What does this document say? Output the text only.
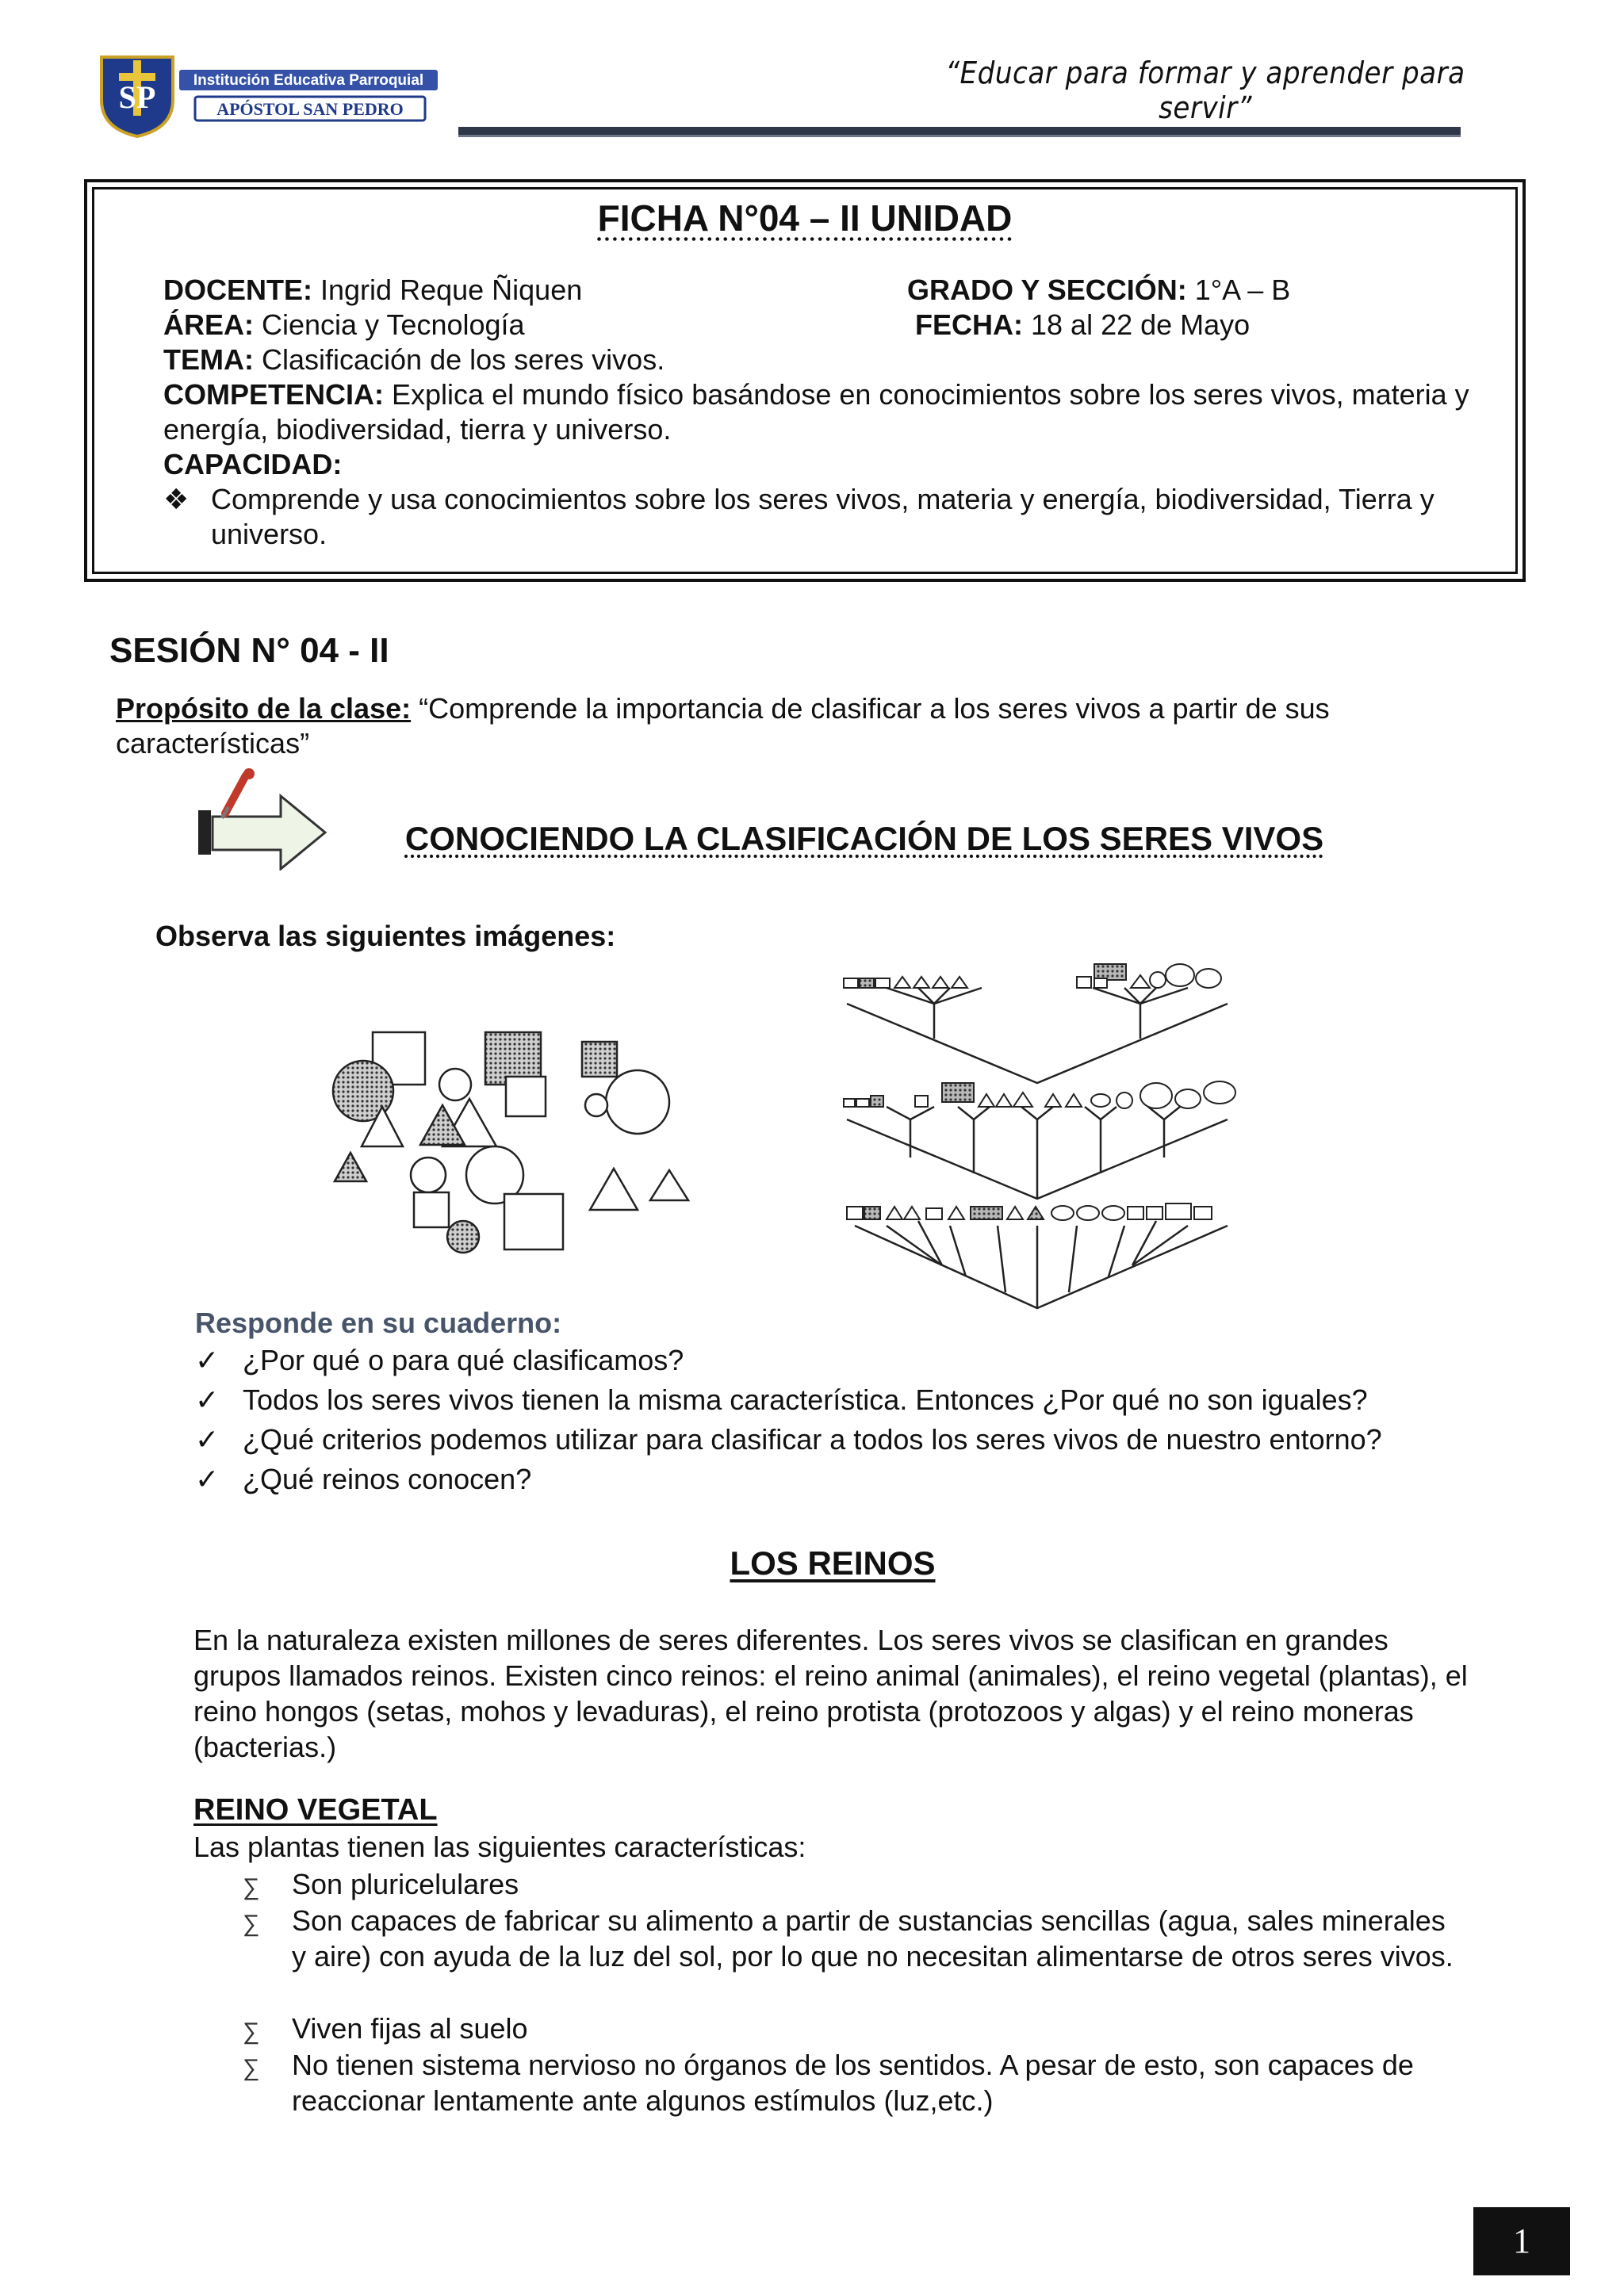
SP Institución Educativa Parroquial
APÓSTOL SAN PEDRO
“Educar para formar y aprender para servir”
FICHA N°04 – II UNIDAD
DOCENTE: Ingrid Reque Ñiquen	GRADO Y SECCIÓN: 1°A – B
ÁREA: Ciencia y Tecnología	FECHA: 18 al 22 de Mayo
TEMA: Clasificación de los seres vivos.
COMPETENCIA: Explica el mundo físico basándose en conocimientos sobre los seres vivos, materia y energía, biodiversidad, tierra y universo.
CAPACIDAD:
❖ Comprende y usa conocimientos sobre los seres vivos, materia y energía, biodiversidad, Tierra y universo.
SESIÓN N° 04 - II
Propósito de la clase: “Comprende la importancia de clasificar a los seres vivos a partir de sus características”
CONOCIENDO LA CLASIFICACIÓN DE LOS SERES VIVOS
Observa las siguientes imágenes:
Responde en su cuaderno:
✓ ¿Por qué o para qué clasificamos?
✓ Todos los seres vivos tienen la misma característica. Entonces ¿Por qué no son iguales?
✓ ¿Qué criterios podemos utilizar para clasificar a todos los seres vivos de nuestro entorno?
✓ ¿Qué reinos conocen?
LOS REINOS
En la naturaleza existen millones de seres diferentes. Los seres vivos se clasifican en grandes grupos llamados reinos. Existen cinco reinos: el reino animal (animales), el reino vegetal (plantas), el reino hongos (setas, mohos y levaduras), el reino protista (protozoos y algas) y el reino moneras (bacterias.)
REINO VEGETAL
Las plantas tienen las siguientes características:
∑ Son pluricelulares
∑ Son capaces de fabricar su alimento a partir de sustancias sencillas (agua, sales minerales y aire) con ayuda de la luz del sol, por lo que no necesitan alimentarse de otros seres vivos.
∑ Viven fijas al suelo
∑ No tienen sistema nervioso no órganos de los sentidos. A pesar de esto, son capaces de reaccionar lentamente ante algunos estímulos (luz,etc.)
1
